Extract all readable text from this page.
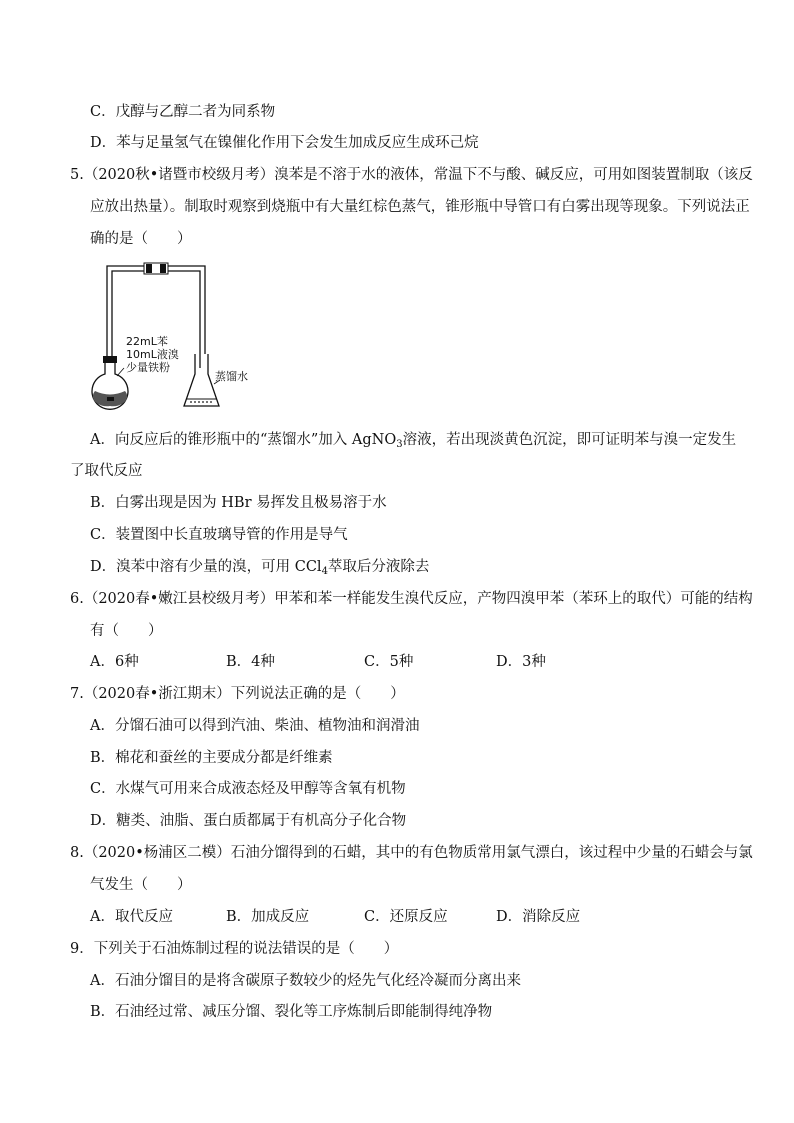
C．戊醇与乙醇二者为同系物
D．苯与足量氢气在镍催化作用下会发生加成反应生成环己烷
5.（2020秋•诸暨市校级月考）溴苯是不溶于水的液体，常温下不与酸、碱反应，可用如图装置制取（该反
应放出热量）。制取时观察到烧瓶中有大量红棕色蒸气，锥形瓶中导管口有白雾出现等现象。下列说法正
确的是（　　）
22mL苯
10mL液溴
少量铁粉
蒸馏水
A．向反应后的锥形瓶中的“蒸馏水”加入 AgNO$_3$溶液，若出现淡黄色沉淀，即可证明苯与溴一定发生
了取代反应
B．白雾出现是因为 HBr 易挥发且极易溶于水
C．装置图中长直玻璃导管的作用是导气
D．溴苯中溶有少量的溴，可用 CCl$_4$萃取后分液除去
6.（2020春•嫩江县校级月考）甲苯和苯一样能发生溴代反应，产物四溴甲苯（苯环上的取代）可能的结构
有（　　）
A．6种	B．4种	C．5种	D．3种
7.（2020春•浙江期末）下列说法正确的是（　　）
A．分馏石油可以得到汽油、柴油、植物油和润滑油
B．棉花和蚕丝的主要成分都是纤维素
C．水煤气可用来合成液态烃及甲醇等含氧有机物
D．糖类、油脂、蛋白质都属于有机高分子化合物
8.（2020•杨浦区二模）石油分馏得到的石蜡，其中的有色物质常用氯气漂白，该过程中少量的石蜡会与氯
气发生（　　）
A．取代反应	B．加成反应	C．还原反应	D．消除反应
9．下列关于石油炼制过程的说法错误的是（　　）
A．石油分馏目的是将含碳原子数较少的烃先气化经冷凝而分离出来
B．石油经过常、减压分馏、裂化等工序炼制后即能制得纯净物
